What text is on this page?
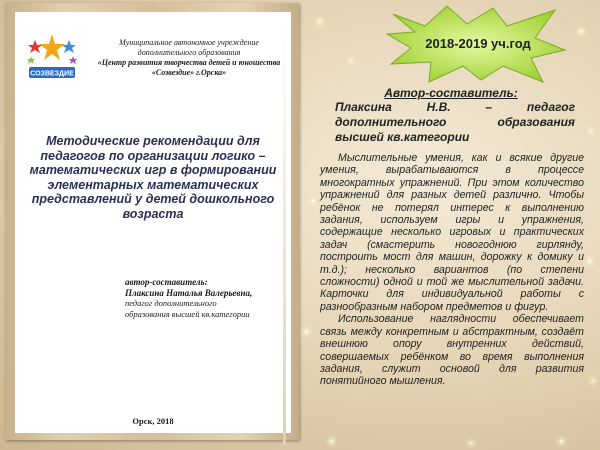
СОЗВЕЗДИЕ
Муниципальное автономное учреждение
дополнительного образования
«Центр развития творчества детей и юношества
«Созвездие» г.Орска»
Методические рекомендации для педагогов по организации логико – математических игр в формировании элементарных математических представлений у детей дошкольного возраста
автор-составитель:
Плаксина Наталья Валерьевна,
педагог дополнительного
образования высшей кв.категории
Орск, 2018
2018-2019 уч.год
Автор-составитель:
Плаксина Н.В. – педагог дополнительного образования высшей кв.категории

Мыслительные умения, как и всякие другие умения, вырабатываются в процессе многократных упражнений. При этом количество упражнений для разных детей различно. Чтобы ребёнок не потерял интерес к выполнению задания, используем игры и упражнения, содержащие несколько игровых и практических задач (смастерить новогоднюю гирлянду, построить мост для машин, дорожку к домику и т.д.); несколько вариантов (по степени сложности) одной и той же мыслительной задачи. Карточки для индивидуальной работы с разнообразным набором предметов и фигур.

Использование наглядности обеспечивает связь между конкретным и абстрактным, создаёт внешнюю опору внутренних действий, совершаемых ребёнком во время выполнения задания, служит основой для развития понятийного мышления.
